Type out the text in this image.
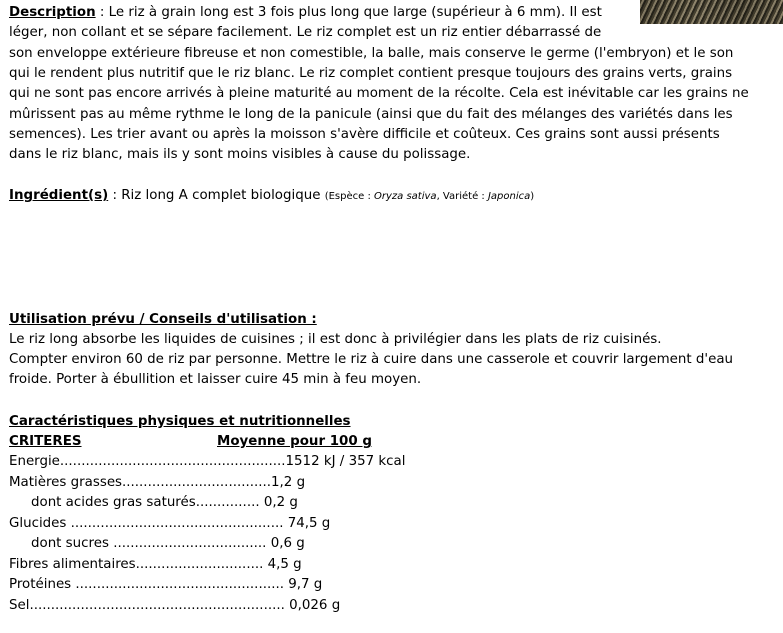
Description : Le riz à grain long est 3 fois plus long que large (supérieur à 6 mm). Il est
léger, non collant et se sépare facilement. Le riz complet est un riz entier débarrassé de
son enveloppe extérieure fibreuse et non comestible, la balle, mais conserve le germe (l'embryon) et le son
qui le rendent plus nutritif que le riz blanc. Le riz complet contient presque toujours des grains verts, grains
qui ne sont pas encore arrivés à pleine maturité au moment de la récolte. Cela est inévitable car les grains ne
mûrissent pas au même rythme le long de la panicule (ainsi que du fait des mélanges des variétés dans les
semences). Les trier avant ou après la moisson s'avère difficile et coûteux. Ces grains sont aussi présents
dans le riz blanc, mais ils y sont moins visibles à cause du polissage.
Ingrédient(s) : Riz long A complet biologique (Espèce : Oryza sativa, Variété : Japonica)
Utilisation prévu / Conseils d'utilisation :
Le riz long absorbe les liquides de cuisines ; il est donc à privilégier dans les plats de riz cuisinés.
Compter environ 60 de riz par personne. Mettre le riz à cuire dans une casserole et couvrir largement d'eau
froide. Porter à ébullition et laisser cuire 45 min à feu moyen.
Caractéristiques physiques et nutritionnelles
CRITERES	Moyenne pour 100 g
Energie.....................................................1512 kJ / 357 kcal
Matières grasses...................................1,2 g
dont acides gras saturés............... 0,2 g
Glucides .................................................. 74,5 g
dont sucres .................................... 0,6 g
Fibres alimentaires.............................. 4,5 g
Protéines ................................................. 9,7 g
Sel............................................................ 0,026 g
